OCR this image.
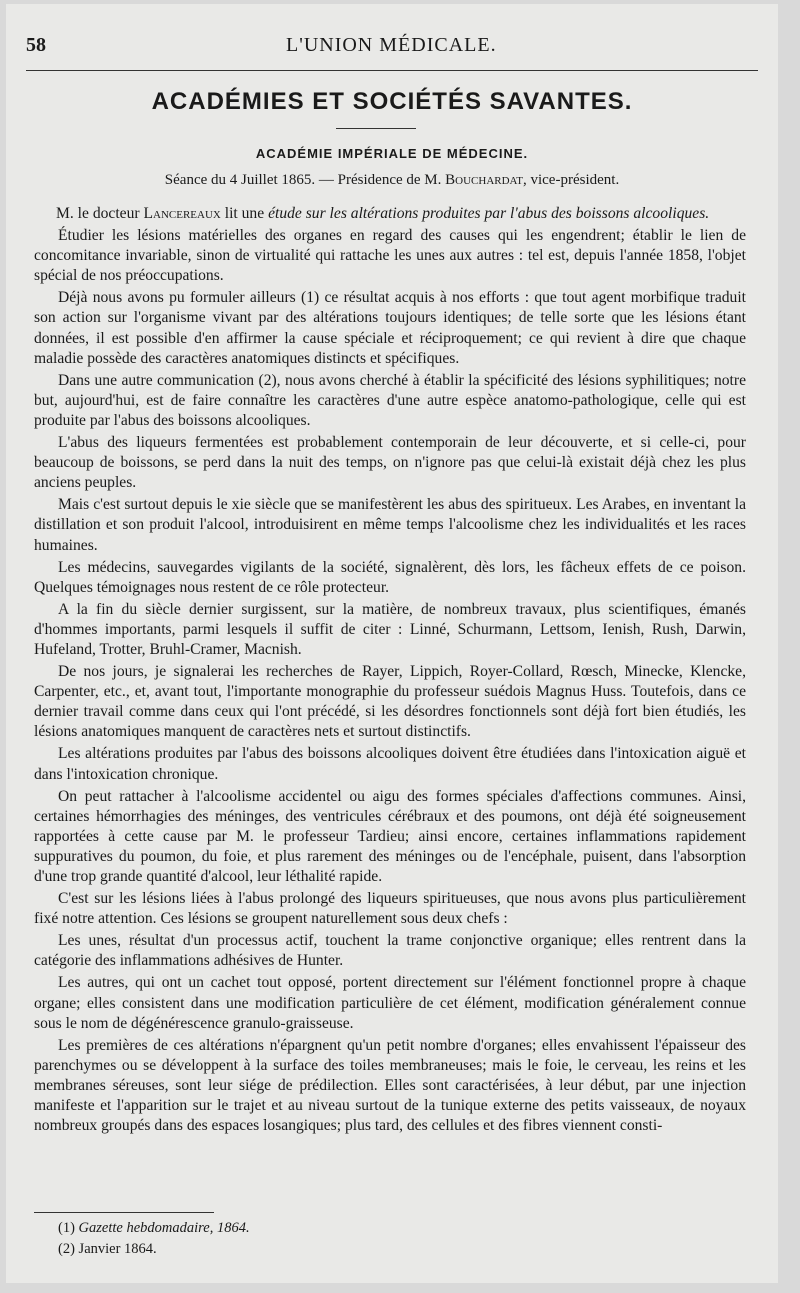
58	L'UNION MÉDICALE.
ACADÉMIES ET SOCIÉTÉS SAVANTES.
ACADÉMIE IMPÉRIALE DE MÉDECINE.
Séance du 4 Juillet 1865. — Présidence de M. Bouchardat, vice-président.

M. le docteur Lancereaux lit une étude sur les altérations produites par l'abus des boissons alcooliques.

Étudier les lésions matérielles des organes en regard des causes qui les engendrent; établir le lien de concomitance invariable, sinon de virtualité qui rattache les unes aux autres : tel est, depuis l'année 1858, l'objet spécial de nos préoccupations.

Déjà nous avons pu formuler ailleurs (1) ce résultat acquis à nos efforts : que tout agent morbifique traduit son action sur l'organisme vivant par des altérations toujours identiques; de telle sorte que les lésions étant données, il est possible d'en affirmer la cause spéciale et réciproquement; ce qui revient à dire que chaque maladie possède des caractères anatomiques distincts et spécifiques.

Dans une autre communication (2), nous avons cherché à établir la spécificité des lésions syphilitiques; notre but, aujourd'hui, est de faire connaître les caractères d'une autre espèce anatomo-pathologique, celle qui est produite par l'abus des boissons alcooliques.

L'abus des liqueurs fermentées est probablement contemporain de leur découverte, et si celle-ci, pour beaucoup de boissons, se perd dans la nuit des temps, on n'ignore pas que celui-là existait déjà chez les plus anciens peuples.

Mais c'est surtout depuis le xie siècle que se manifestèrent les abus des spiritueux. Les Arabes, en inventant la distillation et son produit l'alcool, introduisirent en même temps l'alcoolisme chez les individualités et les races humaines.

Les médecins, sauvegardes vigilants de la société, signalèrent, dès lors, les fâcheux effets de ce poison. Quelques témoignages nous restent de ce rôle protecteur.

A la fin du siècle dernier surgissent, sur la matière, de nombreux travaux, plus scientifiques, émanés d'hommes importants, parmi lesquels il suffit de citer : Linné, Schurmann, Lettsom, Ienish, Rush, Darwin, Hufeland, Trotter, Bruhl-Cramer, Macnish.

De nos jours, je signalerai les recherches de Rayer, Lippich, Royer-Collard, Rœsch, Minecke, Klencke, Carpenter, etc., et, avant tout, l'importante monographie du professeur suédois Magnus Huss. Toutefois, dans ce dernier travail comme dans ceux qui l'ont précédé, si les désordres fonctionnels sont déjà fort bien étudiés, les lésions anatomiques manquent de caractères nets et surtout distinctifs.

Les altérations produites par l'abus des boissons alcooliques doivent être étudiées dans l'intoxication aiguë et dans l'intoxication chronique.

On peut rattacher à l'alcoolisme accidentel ou aigu des formes spéciales d'affections communes. Ainsi, certaines hémorrhagies des méninges, des ventricules cérébraux et des poumons, ont déjà été soigneusement rapportées à cette cause par M. le professeur Tardieu; ainsi encore, certaines inflammations rapidement suppuratives du poumon, du foie, et plus rarement des méninges ou de l'encéphale, puisent, dans l'absorption d'une trop grande quantité d'alcool, leur léthalité rapide.

C'est sur les lésions liées à l'abus prolongé des liqueurs spiritueuses, que nous avons plus particulièrement fixé notre attention. Ces lésions se groupent naturellement sous deux chefs :

Les unes, résultat d'un processus actif, touchent la trame conjonctive organique; elles rentrent dans la catégorie des inflammations adhésives de Hunter.

Les autres, qui ont un cachet tout opposé, portent directement sur l'élément fonctionnel propre à chaque organe; elles consistent dans une modification particulière de cet élément, modification généralement connue sous le nom de dégénérescence granulo-graisseuse.

Les premières de ces altérations n'épargnent qu'un petit nombre d'organes; elles envahissent l'épaisseur des parenchymes ou se développent à la surface des toiles membraneuses; mais le foie, le cerveau, les reins et les membranes séreuses, sont leur siége de prédilection. Elles sont caractérisées, à leur début, par une injection manifeste et l'apparition sur le trajet et au niveau surtout de la tunique externe des petits vaisseaux, de noyaux nombreux groupés dans des espaces losangiques; plus tard, des cellules et des fibres viennent consti-

(1) Gazette hebdomadaire, 1864.
(2) Janvier 1864.
